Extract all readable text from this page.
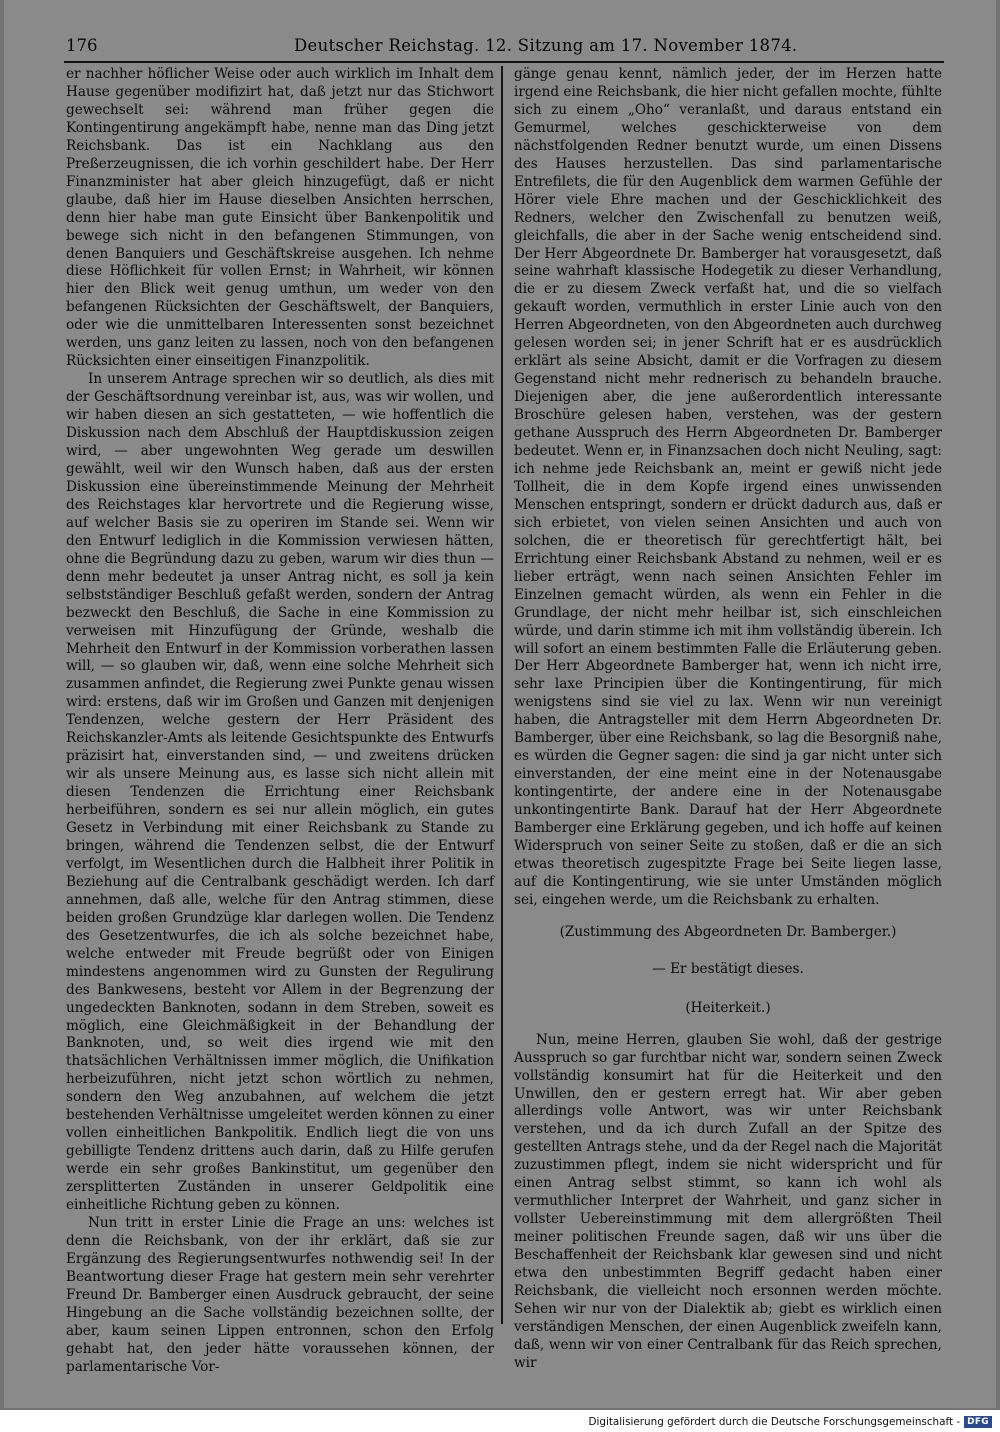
176	Deutscher Reichstag. 12. Sitzung am 17. November 1874.

er nachher höflicher Weise oder auch wirklich im Inhalt dem Hause gegenüber modifizirt hat, daß jetzt nur das Stichwort gewechselt sei: während man früher gegen die Kontingentirung angekämpft habe, nenne man das Ding jetzt Reichsbank. Das ist ein Nachklang aus den Preßerzeugnissen, die ich vorhin geschildert habe. Der Herr Finanzminister hat aber gleich hinzugefügt, daß er nicht glaube, daß hier im Hause dieselben Ansichten herrschen, denn hier habe man gute Einsicht über Bankenpolitik und bewege sich nicht in den befangenen Stimmungen, von denen Banquiers und Geschäftskreise ausgehen. Ich nehme diese Höflichkeit für vollen Ernst; in Wahrheit, wir können hier den Blick weit genug umthun, um weder von den befangenen Rücksichten der Geschäftswelt, der Banquiers, oder wie die unmittelbaren Interessenten sonst bezeichnet werden, uns ganz leiten zu lassen, noch von den befangenen Rücksichten einer einseitigen Finanzpolitik.

In unserem Antrage sprechen wir so deutlich, als dies mit der Geschäftsordnung vereinbar ist, aus, was wir wollen, und wir haben diesen an sich gestatteten, — wie hoffentlich die Diskussion nach dem Abschluß der Hauptdiskussion zeigen wird, — aber ungewohnten Weg gerade um deswillen gewählt, weil wir den Wunsch haben, daß aus der ersten Diskussion eine übereinstimmende Meinung der Mehrheit des Reichstages klar hervortrete und die Regierung wisse, auf welcher Basis sie zu operiren im Stande sei. Wenn wir den Entwurf lediglich in die Kommission verwiesen hätten, ohne die Begründung dazu zu geben, warum wir dies thun — denn mehr bedeutet ja unser Antrag nicht, es soll ja kein selbstständiger Beschluß gefaßt werden, sondern der Antrag bezweckt den Beschluß, die Sache in eine Kommission zu verweisen mit Hinzufügung der Gründe, weshalb die Mehrheit den Entwurf in der Kommission vorberathen lassen will, — so glauben wir, daß, wenn eine solche Mehrheit sich zusammen anfindet, die Regierung zwei Punkte genau wissen wird: erstens, daß wir im Großen und Ganzen mit denjenigen Tendenzen, welche gestern der Herr Präsident des Reichskanzler-Amts als leitende Gesichtspunkte des Entwurfs präzisirt hat, einverstanden sind, — und zweitens drücken wir als unsere Meinung aus, es lasse sich nicht allein mit diesen Tendenzen die Errichtung einer Reichsbank herbeiführen, sondern es sei nur allein möglich, ein gutes Gesetz in Verbindung mit einer Reichsbank zu Stande zu bringen, während die Tendenzen selbst, die der Entwurf verfolgt, im Wesentlichen durch die Halbheit ihrer Politik in Beziehung auf die Centralbank geschädigt werden. Ich darf annehmen, daß alle, welche für den Antrag stimmen, diese beiden großen Grundzüge klar darlegen wollen. Die Tendenz des Gesetzentwurfes, die ich als solche bezeichnet habe, welche entweder mit Freude begrüßt oder von Einigen mindestens angenommen wird zu Gunsten der Regulirung des Bankwesens, besteht vor Allem in der Begrenzung der ungedeckten Banknoten, sodann in dem Streben, soweit es möglich, eine Gleichmäßigkeit in der Behandlung der Banknoten, und, so weit dies irgend wie mit den thatsächlichen Verhältnissen immer möglich, die Unifikation herbeizuführen, nicht jetzt schon wörtlich zu nehmen, sondern den Weg anzubahnen, auf welchem die jetzt bestehenden Verhältnisse umgeleitet werden können zu einer vollen einheitlichen Bankpolitik. Endlich liegt die von uns gebilligte Tendenz drittens auch darin, daß zu Hilfe gerufen werde ein sehr großes Bankinstitut, um gegenüber den zersplitterten Zuständen in unserer Geldpolitik eine einheitliche Richtung geben zu können.

Nun tritt in erster Linie die Frage an uns: welches ist denn die Reichsbank, von der ihr erklärt, daß sie zur Ergänzung des Regierungsentwurfes nothwendig sei! In der Beantwortung dieser Frage hat gestern mein sehr verehrter Freund Dr. Bamberger einen Ausdruck gebraucht, der seine Hingebung an die Sache vollständig bezeichnen sollte, der aber, kaum seinen Lippen entronnen, schon den Erfolg gehabt hat, den jeder hätte voraussehen können, der parlamentarische Vor-

gänge genau kennt, nämlich jeder, der im Herzen hatte irgend eine Reichsbank, die hier nicht gefallen mochte, fühlte sich zu einem „Oho“ veranlaßt, und daraus entstand ein Gemurmel, welches geschickterweise von dem nächstfolgenden Redner benutzt wurde, um einen Dissens des Hauses herzustellen. Das sind parlamentarische Entrefilets, die für den Augenblick dem warmen Gefühle der Hörer viele Ehre machen und der Geschicklichkeit des Redners, welcher den Zwischenfall zu benutzen weiß, gleichfalls, die aber in der Sache wenig entscheidend sind. Der Herr Abgeordnete Dr. Bamberger hat vorausgesetzt, daß seine wahrhaft klassische Hodegetik zu dieser Verhandlung, die er zu diesem Zweck verfaßt hat, und die so vielfach gekauft worden, vermuthlich in erster Linie auch von den Herren Abgeordneten, von den Abgeordneten auch durchweg gelesen worden sei; in jener Schrift hat er es ausdrücklich erklärt als seine Absicht, damit er die Vorfragen zu diesem Gegenstand nicht mehr rednerisch zu behandeln brauche. Diejenigen aber, die jene außerordentlich interessante Broschüre gelesen haben, verstehen, was der gestern gethane Ausspruch des Herrn Abgeordneten Dr. Bamberger bedeutet. Wenn er, in Finanzsachen doch nicht Neuling, sagt: ich nehme jede Reichsbank an, meint er gewiß nicht jede Tollheit, die in dem Kopfe irgend eines unwissenden Menschen entspringt, sondern er drückt dadurch aus, daß er sich erbietet, von vielen seinen Ansichten und auch von solchen, die er theoretisch für gerechtfertigt hält, bei Errichtung einer Reichsbank Abstand zu nehmen, weil er es lieber erträgt, wenn nach seinen Ansichten Fehler im Einzelnen gemacht würden, als wenn ein Fehler in die Grundlage, der nicht mehr heilbar ist, sich einschleichen würde, und darin stimme ich mit ihm vollständig überein. Ich will sofort an einem bestimmten Falle die Erläuterung geben. Der Herr Abgeordnete Bamberger hat, wenn ich nicht irre, sehr laxe Principien über die Kontingentirung, für mich wenigstens sind sie viel zu lax. Wenn wir nun vereinigt haben, die Antragsteller mit dem Herrn Abgeordneten Dr. Bamberger, über eine Reichsbank, so lag die Besorgniß nahe, es würden die Gegner sagen: die sind ja gar nicht unter sich einverstanden, der eine meint eine in der Notenausgabe kontingentirte, der andere eine in der Notenausgabe unkontingentirte Bank. Darauf hat der Herr Abgeordnete Bamberger eine Erklärung gegeben, und ich hoffe auf keinen Widerspruch von seiner Seite zu stoßen, daß er die an sich etwas theoretisch zugespitzte Frage bei Seite liegen lasse, auf die Kontingentirung, wie sie unter Umständen möglich sei, eingehen werde, um die Reichsbank zu erhalten.

(Zustimmung des Abgeordneten Dr. Bamberger.)

— Er bestätigt dieses.

(Heiterkeit.)

Nun, meine Herren, glauben Sie wohl, daß der gestrige Ausspruch so gar furchtbar nicht war, sondern seinen Zweck vollständig konsumirt hat für die Heiterkeit und den Unwillen, den er gestern erregt hat. Wir aber geben allerdings volle Antwort, was wir unter Reichsbank verstehen, und da ich durch Zufall an der Spitze des gestellten Antrags stehe, und da der Regel nach die Majorität zuzustimmen pflegt, indem sie nicht widerspricht und für einen Antrag selbst stimmt, so kann ich wohl als vermuthlicher Interpret der Wahrheit, und ganz sicher in vollster Uebereinstimmung mit dem allergrößten Theil meiner politischen Freunde sagen, daß wir uns über die Beschaffenheit der Reichsbank klar gewesen sind und nicht etwa den unbestimmten Begriff gedacht haben einer Reichsbank, die vielleicht noch ersonnen werden möchte. Sehen wir nur von der Dialektik ab; giebt es wirklich einen verständigen Menschen, der einen Augenblick zweifeln kann, daß, wenn wir von einer Centralbank für das Reich sprechen, wir

Digitalisierung gefördert durch die Deutsche Forschungsgemeinschaft - DFG
